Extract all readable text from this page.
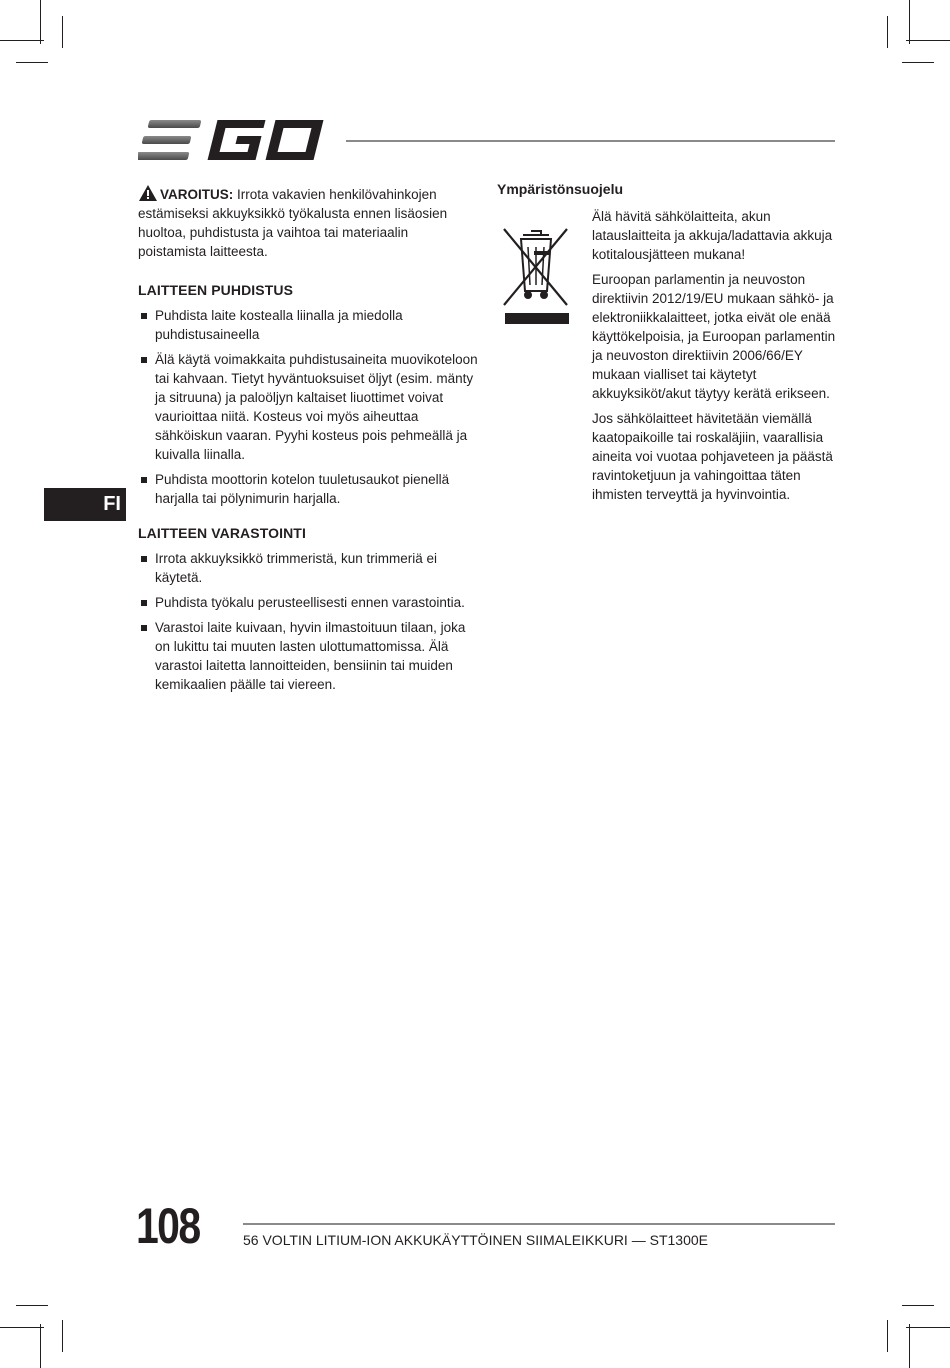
VAROITUS: Irrota vakavien henkilövahinkojen estämiseksi akkuyksikkö työkalusta ennen lisäosien huoltoa, puhdistusta ja vaihtoa tai materiaalin poistamista laitteesta.

LAITTEEN PUHDISTUS
Puhdista laite kostealla liinalla ja miedolla puhdistusaineella
Älä käytä voimakkaita puhdistusaineita muovikoteloon tai kahvaan. Tietyt hyväntuoksuiset öljyt (esim. mänty ja sitruuna) ja paloöljyn kaltaiset liuottimet voivat vaurioittaa niitä. Kosteus voi myös aiheuttaa sähköiskun vaaran. Pyyhi kosteus pois pehmeällä ja kuivalla liinalla.
Puhdista moottorin kotelon tuuletusaukot pienellä harjalla tai pölynimurin harjalla.
LAITTEEN VARASTOINTI
Irrota akkuyksikkö trimmeristä, kun trimmeriä ei käytetä.
Puhdista työkalu perusteellisesti ennen varastointia.
Varastoi laite kuivaan, hyvin ilmastoituun tilaan, joka on lukittu tai muuten lasten ulottumattomissa. Älä varastoi laitetta lannoitteiden, bensiinin tai muiden kemikaalien päälle tai viereen.
Ympäristönsuojelu

Älä hävitä sähkölaitteita, akun latauslaitteita ja akkuja/ladattavia akkuja kotitalousjätteen mukana!

Euroopan parlamentin ja neuvoston direktiivin 2012/19/EU mukaan sähkö- ja elektroniikkalaitteet, jotka eivät ole enää käyttökelpoisia, ja Euroopan parlamentin ja neuvoston direktiivin 2006/66/EY mukaan vialliset tai käytetyt akkuyksiköt/akut täytyy kerätä erikseen.

Jos sähkölaitteet hävitetään viemällä kaatopaikoille tai roskaläjiin, vaarallisia aineita voi vuotaa pohjaveteen ja päästä ravintoketjuun ja vahingoittaa täten ihmisten terveyttä ja hyvinvointia.

FI
108	56 VOLTIN LITIUM-ION AKKUKÄYTTÖINEN SIIMALEIKKURI — ST1300E
